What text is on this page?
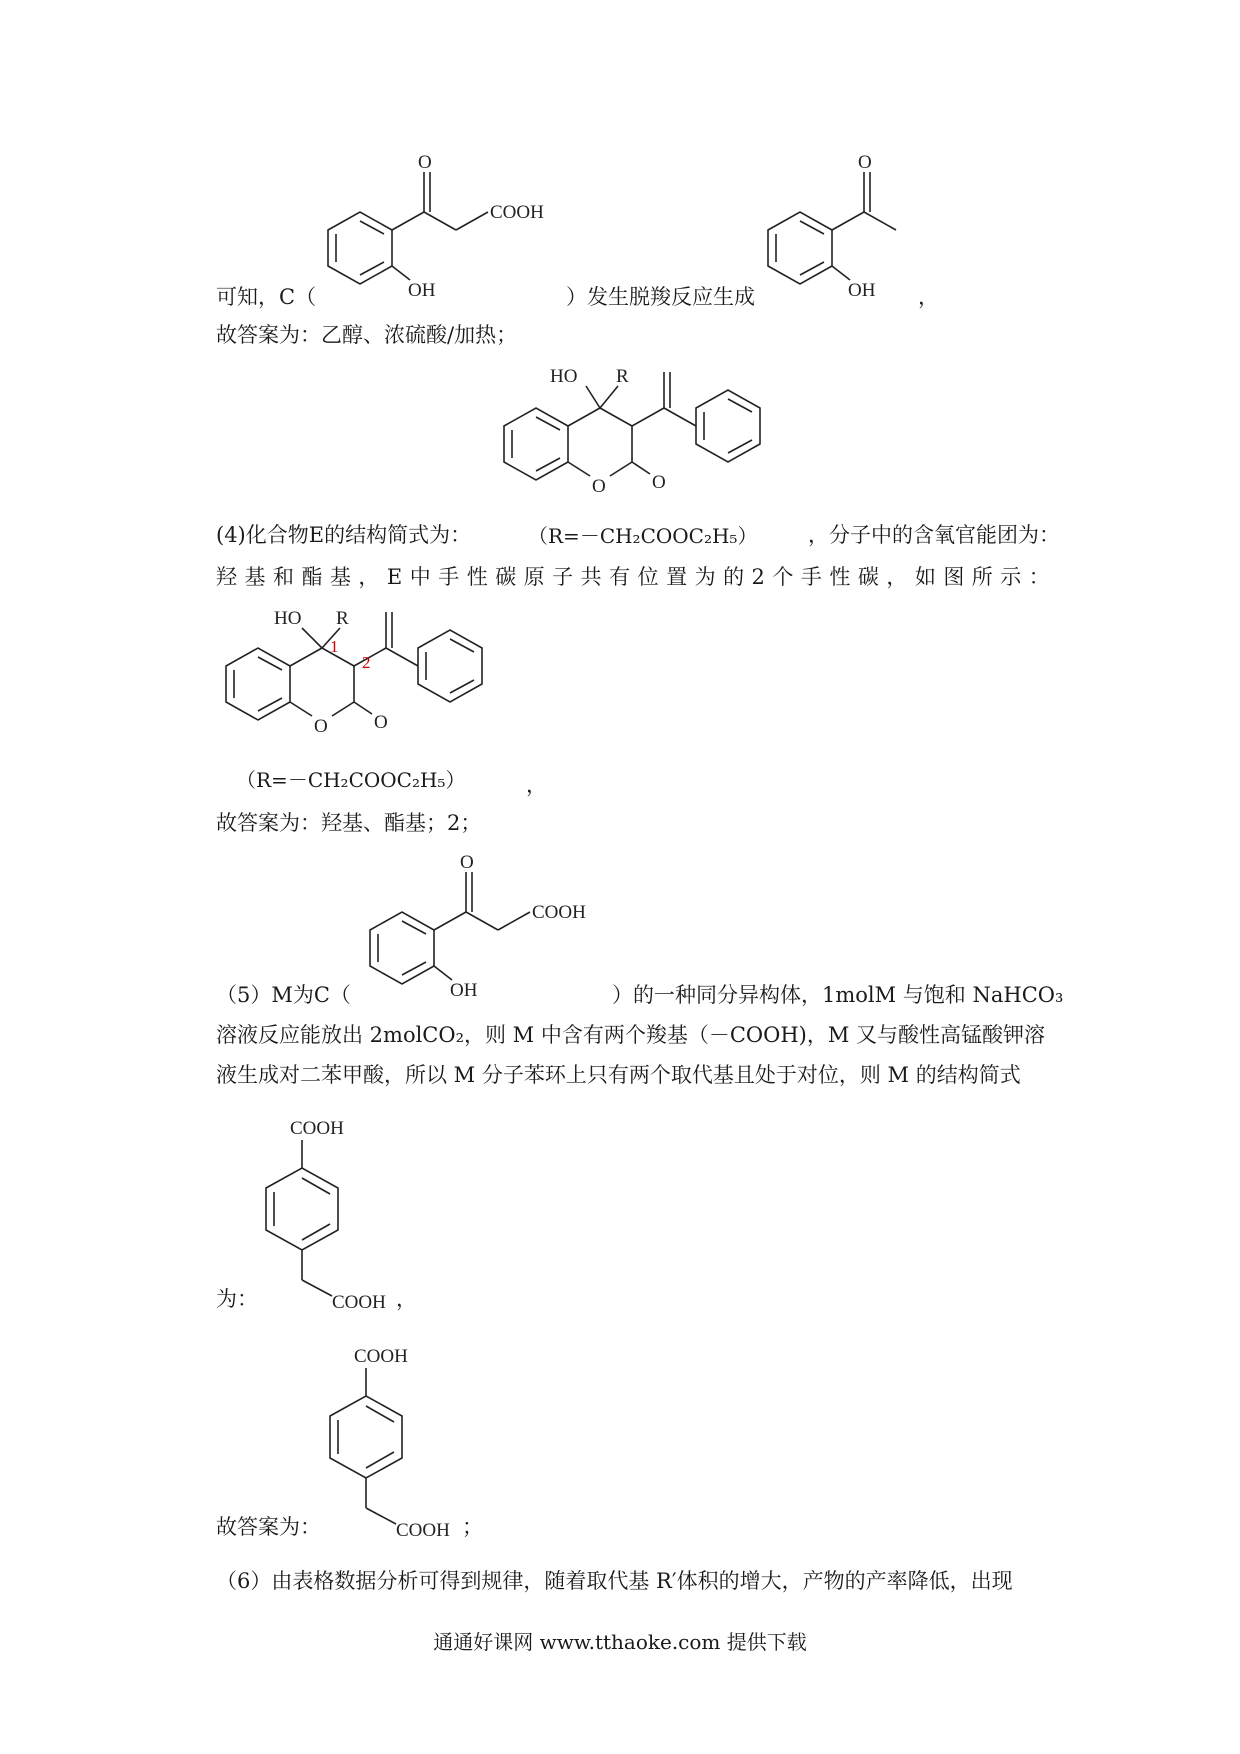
O
COOH
OH
O
OH
可知，C（	）发生脱羧反应生成	，
故答案为：乙醇、浓硫酸/加热；
HO R
O O
（R=－CH₂COOC₂H₅）
(4)化合物E的结构简式为：	，分子中的含氧官能团为：
羟 基 和 酯 基 ， E 中 手 性 碳 原 子 共 有 位 置 为 的 2 个 手 性 碳 ， 如 图 所 示 ：
HO R
1
2
O O
（R=－CH₂COOC₂H₅）	，
故答案为：羟基、酯基；2；
O
COOH
OH
（5）M为C（	）的一种同分异构体，1molM 与饱和 NaHCO₃
溶液反应能放出 2molCO₂，则 M 中含有两个羧基（－COOH)，M 又与酸性高锰酸钾溶
液生成对二苯甲酸，所以 M 分子苯环上只有两个取代基且处于对位，则 M 的结构简式
COOH
COOH
为：	，
COOH
COOH
故答案为：	；
（6）由表格数据分析可得到规律，随着取代基 R′体积的增大，产物的产率降低，出现
通通好课网 www.tthaoke.com 提供下载
